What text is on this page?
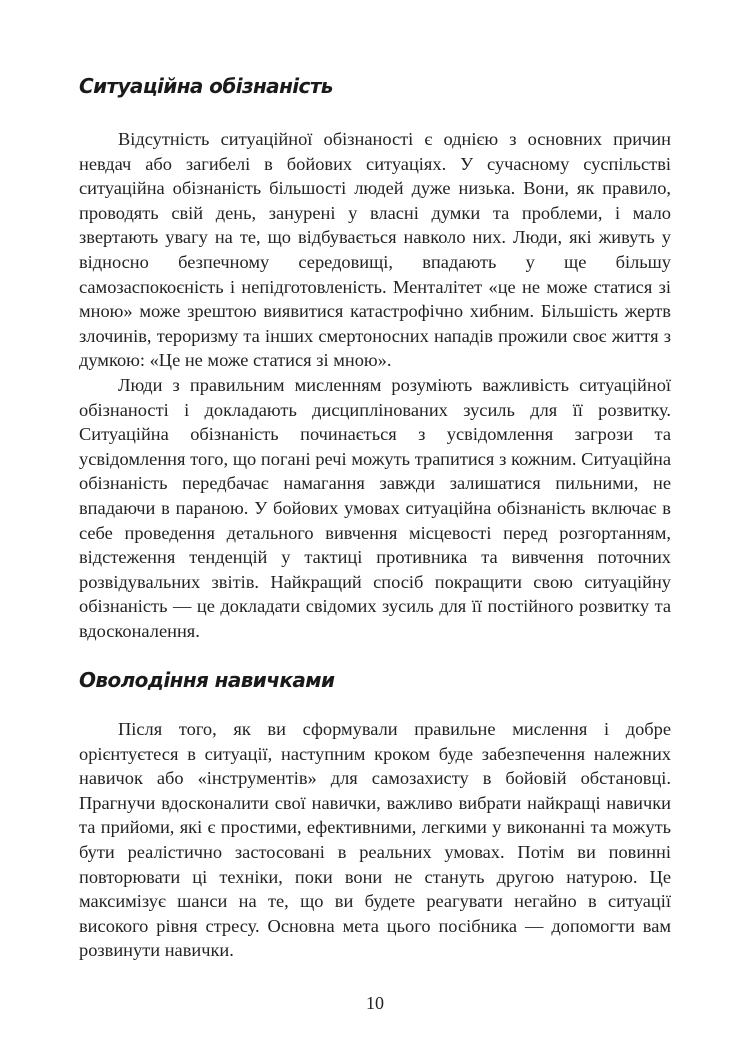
Ситуаційна обізнаність

Відсутність ситуаційної обізнаності є однією з основних причин невдач або загибелі в бойових ситуаціях. У сучасному суспільстві ситуаційна обізнаність більшості людей дуже низька. Вони, як правило, проводять свій день, занурені у власні думки та проблеми, і мало звертають увагу на те, що відбувається навколо них. Люди, які живуть у відносно безпечному середовищі, впадають у ще більшу самозаспокоєність і непідготовленість. Менталітет «це не може статися зі мною» може зрештою виявитися катастрофічно хибним. Більшість жертв злочинів, тероризму та інших смертоносних нападів прожили своє життя з думкою: «Це не може статися зі мною».

Люди з правильним мисленням розуміють важливість ситуаційної обізнаності і докладають дисциплінованих зусиль для її розвитку. Ситуаційна обізнаність починається з усвідомлення загрози та усвідомлення того, що погані речі можуть трапитися з кожним. Ситуаційна обізнаність передбачає намагання завжди залишатися пильними, не впадаючи в параною. У бойових умовах ситуаційна обізнаність включає в себе проведення детального вивчення місцевості перед розгортанням, відстеження тенденцій у тактиці противника та вивчення поточних розвідувальних звітів. Найкращий спосіб покращити свою ситуаційну обізнаність — це докладати свідомих зусиль для її постійного розвитку та вдосконалення.

Оволодіння навичками

Після того, як ви сформували правильне мислення і добре орієнтуєтеся в ситуації, наступним кроком буде забезпечення належних навичок або «інструментів» для самозахисту в бойовій обстановці. Прагнучи вдосконалити свої навички, важливо вибрати найкращі навички та прийоми, які є простими, ефективними, легкими у виконанні та можуть бути реалістично застосовані в реальних умовах. Потім ви повинні повторювати ці техніки, поки вони не стануть другою натурою. Це максимізує шанси на те, що ви будете реагувати негайно в ситуації високого рівня стресу. Основна мета цього посібника — допомогти вам розвинути навички.

10
